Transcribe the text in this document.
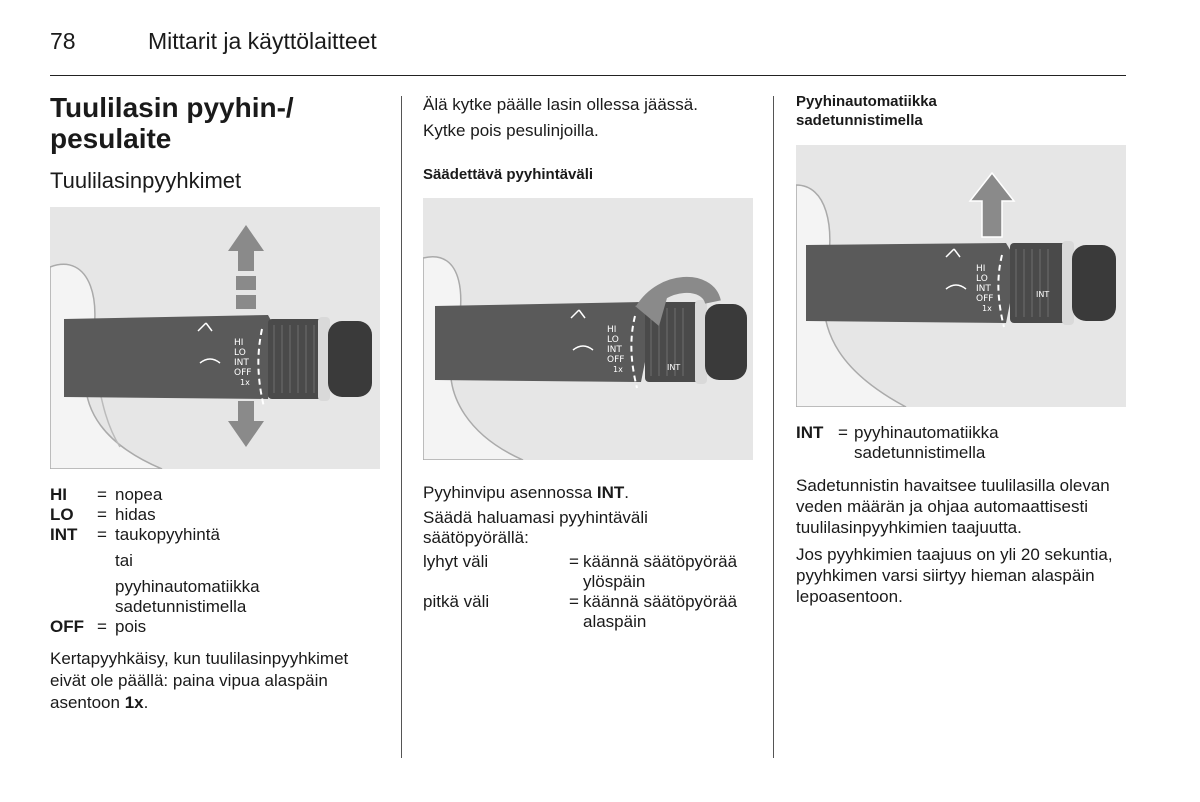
78	Mittarit ja käyttölaitteet
Tuulilasin pyyhin-/ pesulaite
Tuulilasinpyyhkimet
HI
LO
INT
OFF
1x
HI	= nopea
LO	= hidas
INT	= taukopyyhintä
tai
pyyhinautomatiikka sadetunnistimella
OFF = pois

Kertapyyhkäisy, kun tuulilasinpyyhkimet eivät ole päällä: paina vipua alaspäin asentoon 1x.

Älä kytke päälle lasin ollessa jäässä.

Kytke pois pesulinjoilla.

Säädettävä pyyhintäväli
HI
LO
INT
OFF
1x	INT

Pyyhinvipu asennossa INT.

Säädä haluamasi pyyhintäväli säätöpyörällä:

lyhyt väli	= käännä säätöpyörää ylöspäin
pitkä väli	= käännä säätöpyörää alaspäin
Pyyhinautomatiikka sadetunnistimella
HI
LO
INT
OFF
1x
INT
INT = pyyhinautomatiikka sadetunnistimella

Sadetunnistin havaitsee tuulilasilla olevan veden määrän ja ohjaa automaattisesti tuulilasinpyyhkimien taajuutta.

Jos pyyhkimien taajuus on yli 20 sekuntia, pyyhkimen varsi siirtyy hieman alaspäin lepoasentoon.
